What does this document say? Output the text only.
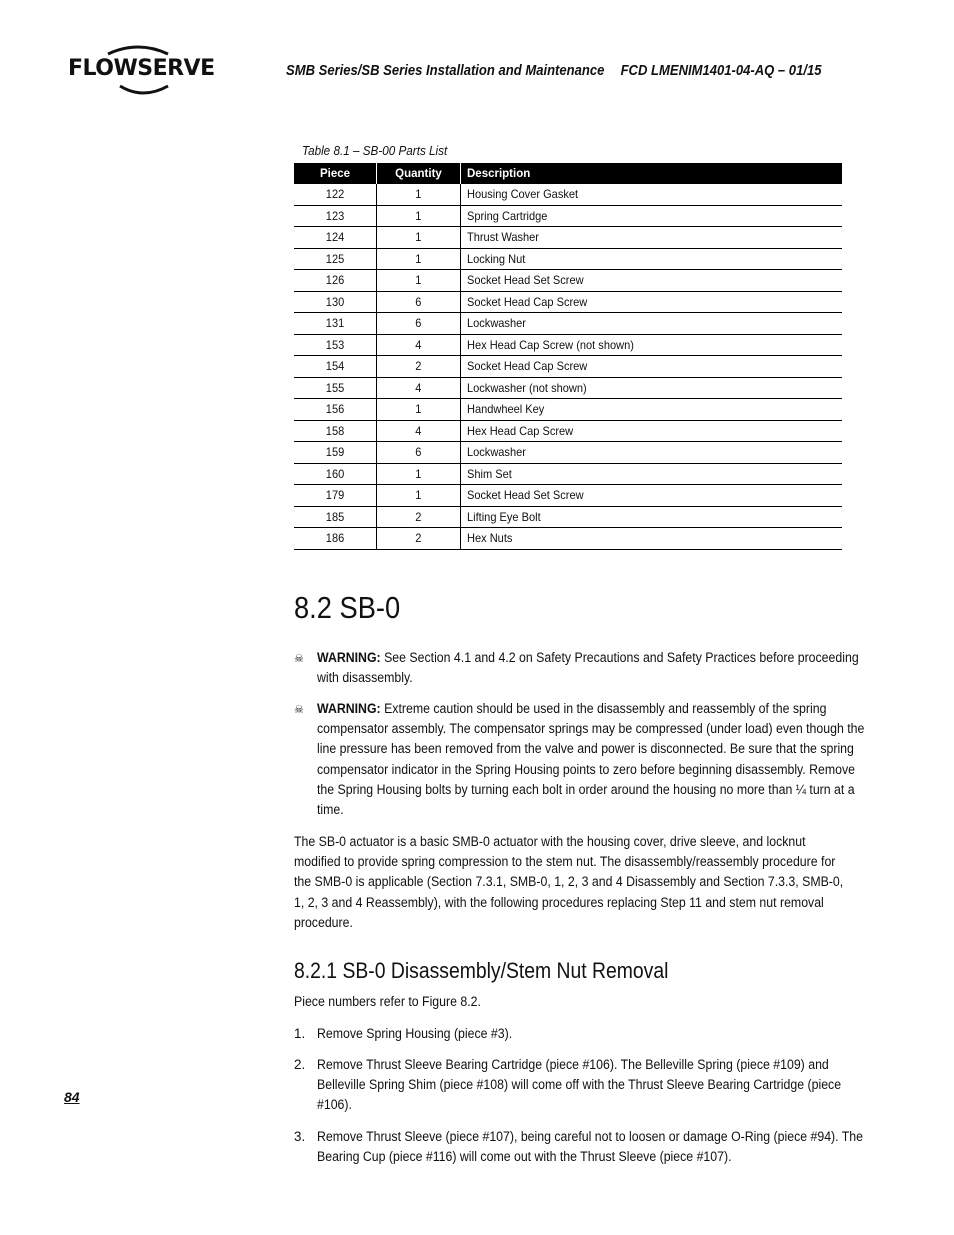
FLOWSERVE	SMB Series/SB Series Installation and Maintenance FCD LMENIM1401-04-AQ – 01/15
Table 8.1 – SB-00 Parts List
Piece	Quantity	Description
122	1	Housing Cover Gasket
123	1	Spring Cartridge
124	1	Thrust Washer
125	1	Locking Nut
126	1	Socket Head Set Screw
130	6	Socket Head Cap Screw
131	6	Lockwasher
153	4	Hex Head Cap Screw (not shown)
154	2	Socket Head Cap Screw
155	4	Lockwasher (not shown)
156	1	Handwheel Key
158	4	Hex Head Cap Screw
159	6	Lockwasher
160	1	Shim Set
179	1	Socket Head Set Screw
185	2	Lifting Eye Bolt
186	2	Hex Nuts
8.2 SB-0
☠ WARNING: See Section 4.1 and 4.2 on Safety Precautions and Safety Practices before proceeding with disassembly.
☠ WARNING: Extreme caution should be used in the disassembly and reassembly of the spring compensator assembly. The compensator springs may be compressed (under load) even though the line pressure has been removed from the valve and power is disconnected. Be sure that the spring compensator indicator in the Spring Housing points to zero before beginning disassembly. Remove the Spring Housing bolts by turning each bolt in order around the housing no more than ¼ turn at a time.
The SB-0 actuator is a basic SMB-0 actuator with the housing cover, drive sleeve, and locknut modified to provide spring compression to the stem nut. The disassembly/reassembly procedure for the SMB-0 is applicable (Section 7.3.1, SMB-0, 1, 2, 3 and 4 Disassembly and Section 7.3.3, SMB-0, 1, 2, 3 and 4 Reassembly), with the following procedures replacing Step 11 and stem nut removal procedure.
8.2.1 SB-0 Disassembly/Stem Nut Removal
Piece numbers refer to Figure 8.2.
1. Remove Spring Housing (piece #3).
2. Remove Thrust Sleeve Bearing Cartridge (piece #106). The Belleville Spring (piece #109) and Belleville Spring Shim (piece #108) will come off with the Thrust Sleeve Bearing Cartridge (piece #106).
3. Remove Thrust Sleeve (piece #107), being careful not to loosen or damage O-Ring (piece #94). The Bearing Cup (piece #116) will come out with the Thrust Sleeve (piece #107).
84
